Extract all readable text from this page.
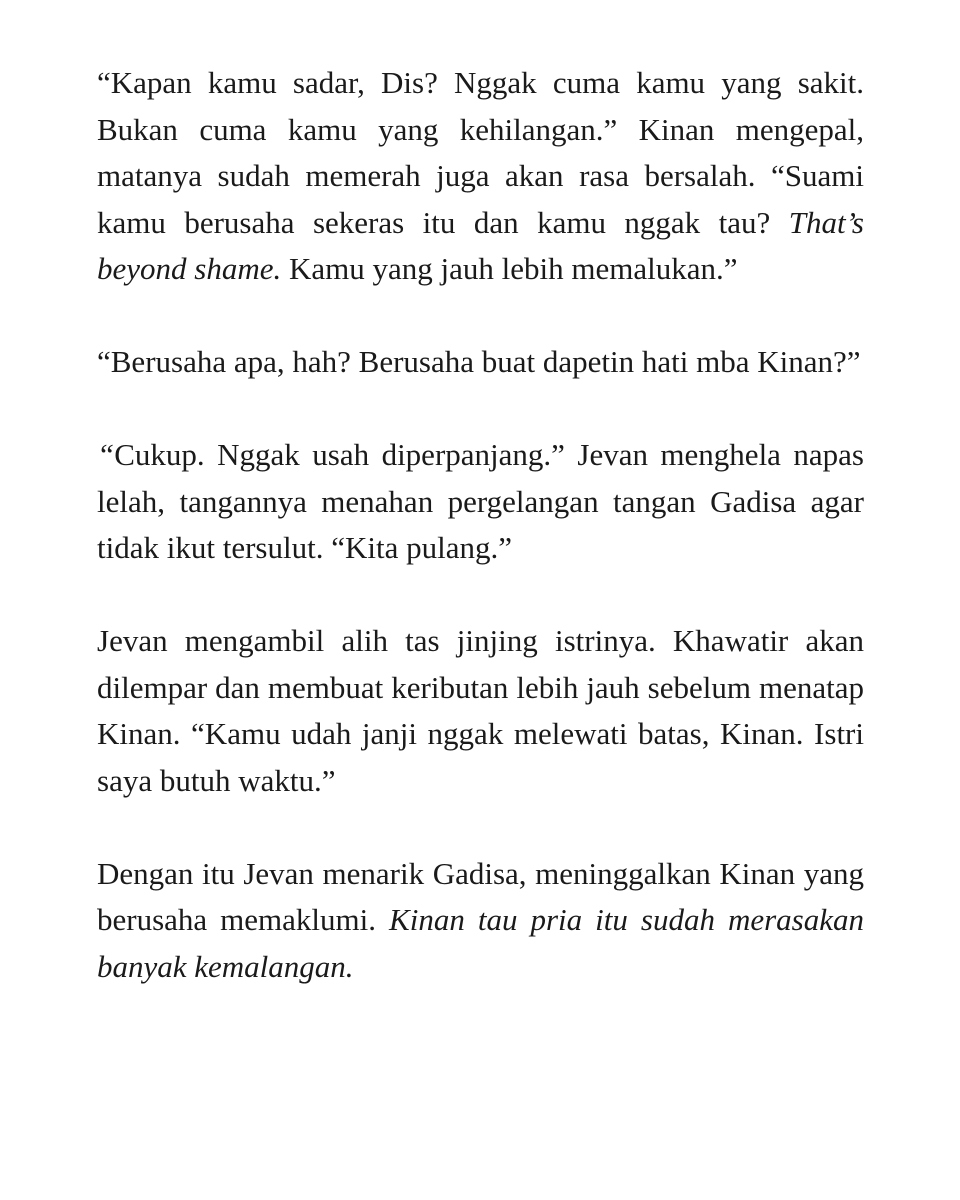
“Kapan kamu sadar, Dis? Nggak cuma kamu yang sakit. Bukan cuma kamu yang kehilangan.” Kinan mengepal, matanya sudah memerah juga akan rasa bersalah. “Suami kamu berusaha sekeras itu dan kamu nggak tau? That’s beyond shame. Kamu yang jauh lebih memalukan.”

“Berusaha apa, hah? Berusaha buat dapetin hati mba Kinan?”

“Cukup. Nggak usah diperpanjang.” Jevan menghela napas lelah, tangannya menahan pergelangan tangan Gadisa agar tidak ikut tersulut. “Kita pulang.”

Jevan mengambil alih tas jinjing istrinya. Khawatir akan dilempar dan membuat keributan lebih jauh sebelum menatap Kinan. “Kamu udah janji nggak melewati batas, Kinan. Istri saya butuh waktu.”

Dengan itu Jevan menarik Gadisa, meninggalkan Kinan yang berusaha memaklumi. Kinan tau pria itu sudah merasakan banyak kemalangan.
